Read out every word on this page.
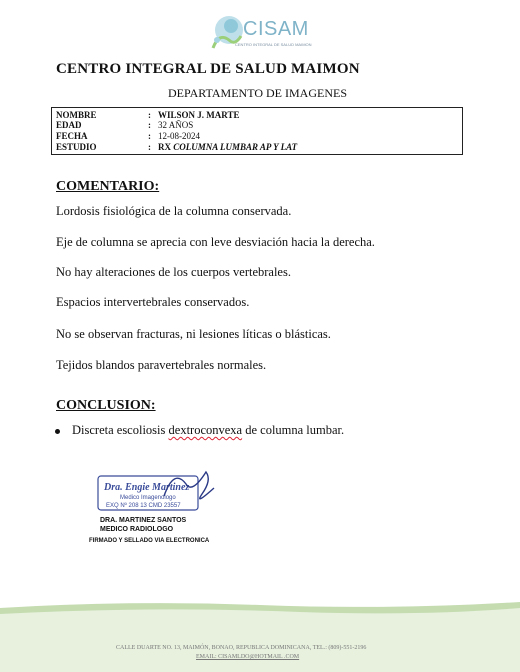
CISAM
CENTRO INTEGRAL DE SALUD MAIMON
CENTRO INTEGRAL DE SALUD MAIMON
DEPARTAMENTO DE IMAGENES
NOMBRE	: WILSON J. MARTE
EDAD	: 32 AÑOS
FECHA	: 12-08-2024
ESTUDIO	: RX COLUMNA LUMBAR AP Y LAT
COMENTARIO:
Lordosis fisiológica de la columna conservada.
Eje de columna se aprecia con leve desviación hacia la derecha.
No hay alteraciones de los cuerpos vertebrales.
Espacios intervertebrales conservados.
No se observan fracturas, ni lesiones líticas o blásticas.
Tejidos blandos paravertebrales normales.
CONCLUSION:
Discreta escoliosis dextroconvexa de columna lumbar.
Dra. Engie Martinez
Medico Imagenologo
EXQ Nº 208 13 CMD 23557
DRA. MARTINEZ SANTOS
MEDICO RADIOLOGO
FIRMADO Y SELLADO VIA ELECTRONICA
CALLE DUARTE NO. 13, MAIMÓN, BONAO, REPUBLICA DOMINICANA, TEL.: (809)-551-2196
EMAIL: CISAMLDO@HOTMAIL .COM
